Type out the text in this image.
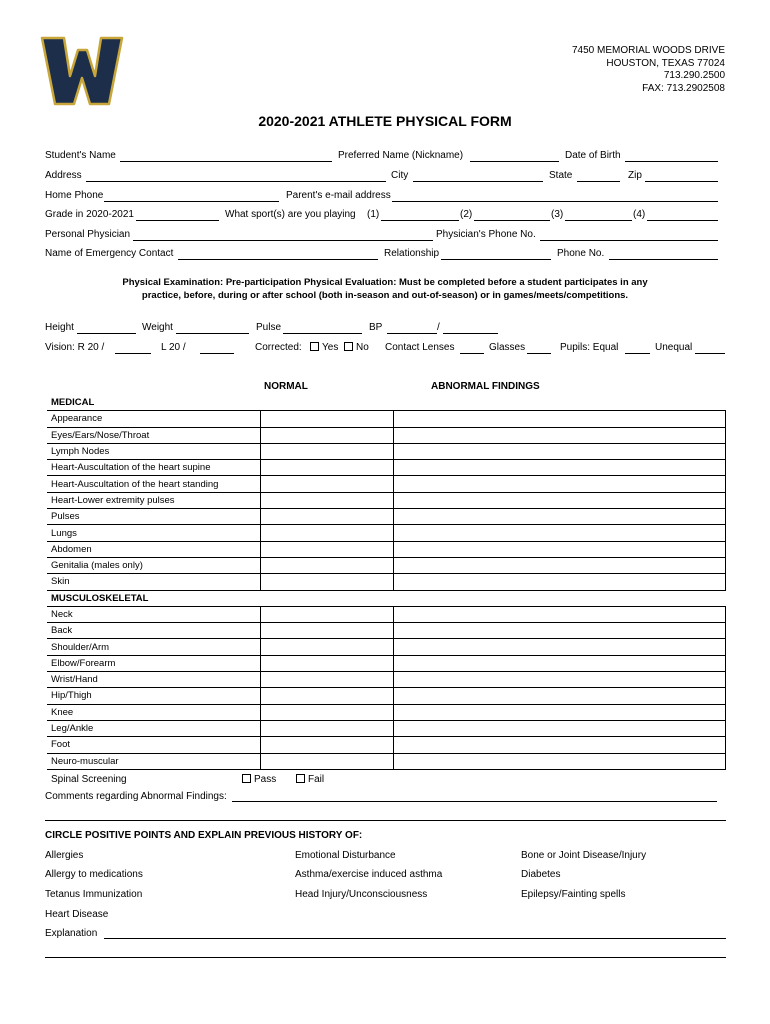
7450 MEMORIAL WOODS DRIVE
HOUSTON, TEXAS 77024
713.290.2500
FAX: 713.2902508
2020-2021 ATHLETE PHYSICAL FORM
Student's Name	Preferred Name (Nickname)	Date of Birth
Address	City	State	Zip
Home Phone	Parent's e-mail address
Grade in 2020-2021	What sport(s) are you playing (1)	(2)	(3)	(4)
Personal Physician	Physician's Phone No.
Name of Emergency Contact	Relationship	Phone No.
Physical Examination: Pre-participation Physical Evaluation: Must be completed before a student participates in any
practice, before, during or after school (both in-season and out-of-season) or in games/meets/competitions.
Height	Weight	Pulse	BP	/
Vision: R 20 /	L 20 /	Corrected:	Yes	No Contact Lenses	Glasses	Pupils: Equal	Unequal
NORMAL	ABNORMAL FINDINGS
MEDICAL		
Appearance		
Eyes/Ears/Nose/Throat		
Lymph Nodes		
Heart-Auscultation of the heart supine		
Heart-Auscultation of the heart standing		
Heart-Lower extremity pulses		
Pulses		
Lungs		
Abdomen		
Genitalia (males only)		
Skin		
MUSCULOSKELETAL		
Neck		
Back		
Shoulder/Arm		
Elbow/Forearm		
Wrist/Hand		
Hip/Thigh		
Knee		
Leg/Ankle		
Foot		
Neuro-muscular		
Spinal Screening	Pass	Fail
Comments regarding Abnormal Findings:
CIRCLE POSITIVE POINTS AND EXPLAIN PREVIOUS HISTORY OF:
Allergies
Allergy to medications
Tetanus Immunization
Heart Disease
Emotional Disturbance
Asthma/exercise induced asthma
Head Injury/Unconsciousness
Bone or Joint Disease/Injury
Diabetes
Epilepsy/Fainting spells
Explanation
